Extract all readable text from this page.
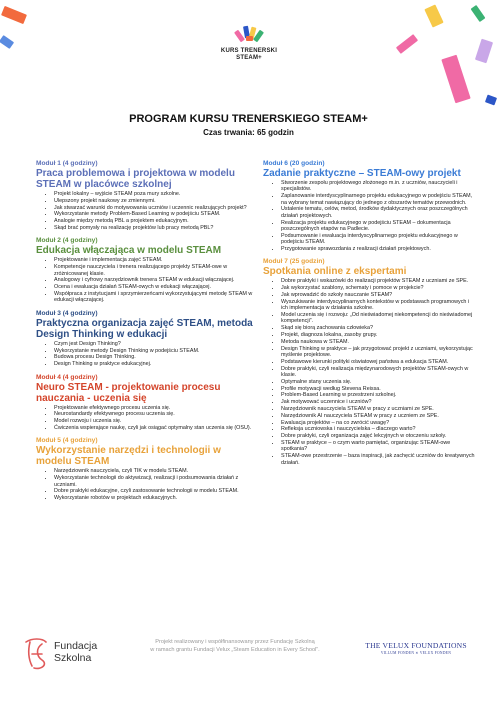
KURS TRENERSKI
STEAM+
PROGRAM KURSU TRENERSKIEGO STEAM+
Czas trwania: 65 godzin
Moduł 1 (4 godziny)
Praca problemowa i projektowa w modelu STEAM w placówce szkolnej
• Projekt lokalny – wyjście STEAM poza mury szkolne.
• Ulepszony projekt naukowy ze zmiennymi.
• Jak stwarzać warunki do motywowania uczniów i uczennic realizujących projekt?
• Wykorzystanie metody Problem-Based Learning w podejściu STEAM.
• Analogie między metodą PBL a projektem edukacyjnym.
• Skąd brać pomysły na realizację projektów lub pracy metodą PBL?
Moduł 2 (4 godziny)
Edukacja włączająca w modelu STEAM
• Projektowanie i implementacja zajęć STEAM.
• Kompetencje nauczyciela i trenera realizującego projekty STEAM-owe w zróżnicowanej klasie.
• Analogowy i cyfrowy narzędziownik trenera STEAM w edukacji włączającej.
• Ocena i ewaluacja działań STEAM-owych w edukacji włączającej.
• Współpraca z instytucjami i sprzymierzeńcami wykorzystującymi metodę STEAM w edukacji włączającej.
Moduł 3 (4 godziny)
Praktyczna organizacja zajęć STEAM, metoda Design Thinking w edukacji
• Czym jest Design Thinking?
• Wykorzystanie metody Design Thinking w podejściu STEAM.
• Budowa procesu Design Thinking.
• Design Thinking w praktyce edukacyjnej.
Moduł 4 (4 godziny)
Neuro STEAM - projektowanie procesu nauczania - uczenia się
• Projektowanie efektywnego procesu uczenia się.
• Neurostandardy efektywnego procesu uczenia się.
• Model rozwoju i uczenia się.
• Ćwiczenia wspierające naukę, czyli jak osiągać optymalny stan uczenia się (OSU).
Moduł 5 (4 godziny)
Wykorzystanie narzędzi i technologii w modelu STEAM
• Narzędziownik nauczyciela, czyli TIK w modelu STEAM.
• Wykorzystanie technologii do aktywizacji, realizacji i podsumowania działań z uczniami.
• Dobre praktyki edukacyjne, czyli zastosowanie technologii w modelu STEAM.
• Wykorzystanie robotów w projektach edukacyjnych.
Moduł 6 (20 godzin)
Zadanie praktyczne – STEAM-owy projekt
• Stworzenie zespołu projektowego złożonego m.in. z uczniów, nauczycieli i specjalistów.
• Zaplanowanie interdyscyplinarnego projektu edukacyjnego w podejściu STEAM, na wybrany temat nawiązujący do jednego z obszarów tematów przewodnich.
• Ustalenie tematu, celów, metod, środków dydaktycznych oraz poszczególnych działań projektowych.
• Realizacja projektu edukacyjnego w podejściu STEAM – dokumentacja poszczególnych etapów na Padlecie.
• Podsumowanie i ewaluacja interdyscyplinarnego projektu edukacyjnego w podejściu STEAM.
• Przygotowanie sprawozdania z realizacji działań projektowych.
Moduł 7 (25 godzin)
Spotkania online z ekspertami
• Dobre praktyki i wskazówki do realizacji projektów STEAM z uczniami ze SPE.
• Jak wykorzystać szablony, schematy i pomoce w projekcie?
• Jak wprowadzić do szkoły nauczanie STEAM?
• Wyszukiwanie interdyscyplinarnych kontekstów w podstawach programowych i ich implementacja w działania szkolne.
• Model uczenia się i rozwoju: „Od nieświadomej niekompetencji do nieświadomej kompetencji”.
• Skąd się biorą zachowania człowieka?
• Projekt, diagnoza lokalna, zasoby grupy.
• Metoda naukowa w STEAM.
• Design Thinking w praktyce – jak przygotować projekt z uczniami, wykorzystując myślenie projektowe.
• Podstawowe kierunki polityki oświatowej państwa a edukacja STEAM.
• Dobre praktyki, czyli realizacja międzynarodowych projektów STEAM-owych w klasie.
• Optymalne stany uczenia się.
• Profile motywacji według Stevena Reissa.
• Problem-Based Learning w przestrzeni szkolnej.
• Jak motywować uczennice i uczniów?
• Narzędziownik nauczyciela STEAM w pracy z uczniami ze SPE.
• Narzędziownik AI nauczyciela STEAM w pracy z uczniem ze SPE.
• Ewaluacja projektów – na co zwrócić uwagę?
• Refleksja uczniowska i nauczycielska – dlaczego warto?
• Dobre praktyki, czyli organizacja zajęć lekcyjnych w otoczeniu szkoły.
• STEAM w praktyce – o czym warto pamiętać, organizując STEAM-owe spotkania?
• STEAM-owe przestrzenie – baza inspiracji, jak zachęcić uczniów do kreatywnych działań.
Fundacja
Szkolna
Projekt realizowany i współfinansowany przez Fundację Szkolną
w ramach grantu Fundacji Velux „Steam Education in Every School”.	THE VELUX FOUNDATIONS
VILLUM FONDEN ✕ VELUX FONDEN
